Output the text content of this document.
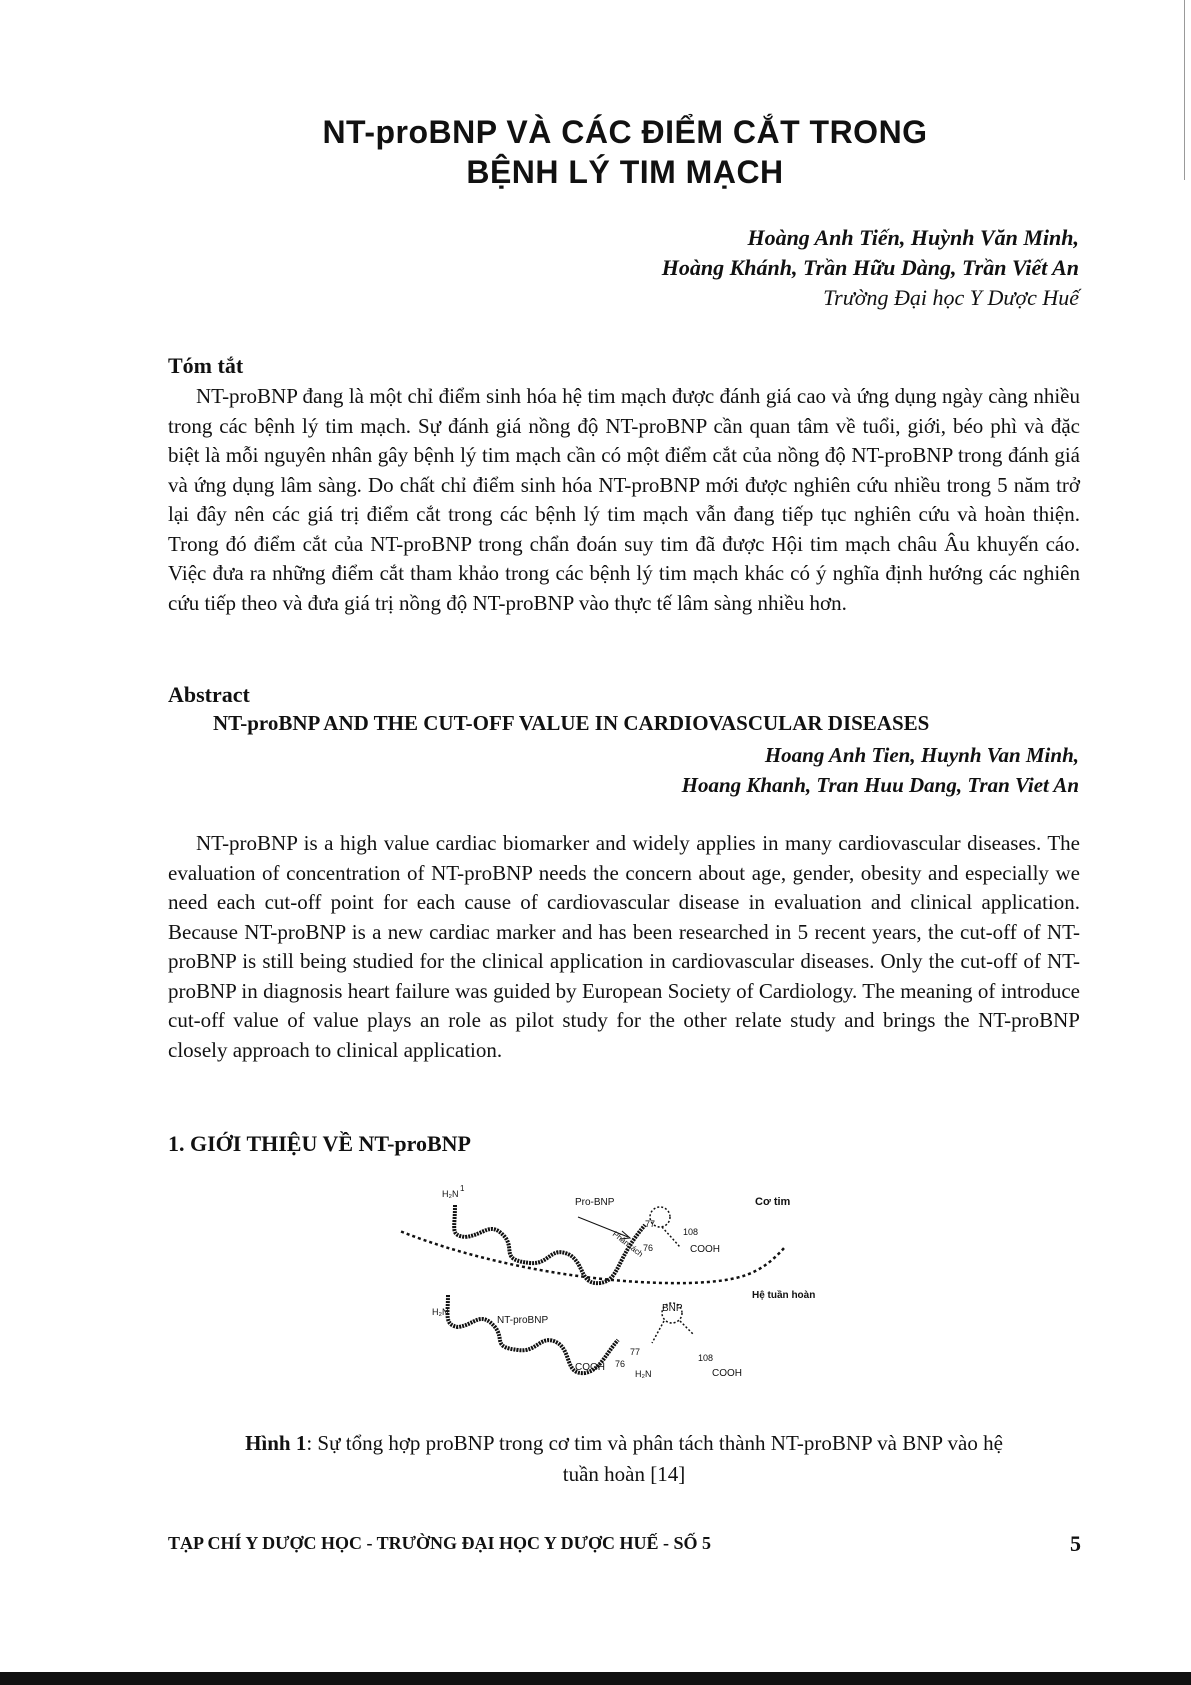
NT-proBNP VÀ CÁC ĐIỂM CẮT TRONG
BỆNH LÝ TIM MẠCH
Hoàng Anh Tiến, Huỳnh Văn Minh,
Hoàng Khánh, Trần Hữu Dàng, Trần Viết An
Trường Đại học Y Dược Huế
Tóm tắt

NT-proBNP đang là một chỉ điểm sinh hóa hệ tim mạch được đánh giá cao và ứng dụng ngày càng nhiều trong các bệnh lý tim mạch. Sự đánh giá nồng độ NT-proBNP cần quan tâm về tuổi, giới, béo phì và đặc biệt là mỗi nguyên nhân gây bệnh lý tim mạch cần có một điểm cắt của nồng độ NT-proBNP trong đánh giá và ứng dụng lâm sàng. Do chất chỉ điểm sinh hóa NT-proBNP mới được nghiên cứu nhiều trong 5 năm trở lại đây nên các giá trị điểm cắt trong các bệnh lý tim mạch vẫn đang tiếp tục nghiên cứu và hoàn thiện. Trong đó điểm cắt của NT-proBNP trong chẩn đoán suy tim đã được Hội tim mạch châu Âu khuyến cáo. Việc đưa ra những điểm cắt tham khảo trong các bệnh lý tim mạch khác có ý nghĩa định hướng các nghiên cứu tiếp theo và đưa giá trị nồng độ NT-proBNP vào thực tế lâm sàng nhiều hơn.

Abstract
NT-proBNP AND THE CUT-OFF VALUE IN CARDIOVASCULAR DISEASES
Hoang Anh Tien, Huynh Van Minh,
Hoang Khanh, Tran Huu Dang, Tran Viet An

NT-proBNP is a high value cardiac biomarker and widely applies in many cardiovascular diseases. The evaluation of concentration of NT-proBNP needs the concern about age, gender, obesity and especially we need each cut-off point for each cause of cardiovascular disease in evaluation and clinical application. Because NT-proBNP is a new cardiac marker and has been researched in 5 recent years, the cut-off of NT-proBNP is still being studied for the clinical application in cardiovascular diseases. Only the cut-off of NT-proBNP in diagnosis heart failure was guided by European Society of Cardiology. The meaning of introduce cut-off value of value plays an role as pilot study for the other relate study and brings the NT-proBNP closely approach to clinical application.

1. GIỚI THIỆU VỀ NT-proBNP
H₂N
1
Pro-BNP
Phân tách
77
76
108
COOH
Cơ tim
Hệ tuần hoàn
H₂N
NT-proBNP
BNP
77
76
COOH
H₂N
108
COOH
Hình 1: Sự tổng hợp proBNP trong cơ tim và phân tách thành NT-proBNP và BNP vào hệ
tuần hoàn [14]
TẠP CHÍ Y DƯỢC HỌC - TRƯỜNG ĐẠI HỌC Y DƯỢC HUẾ - SỐ 5	5
